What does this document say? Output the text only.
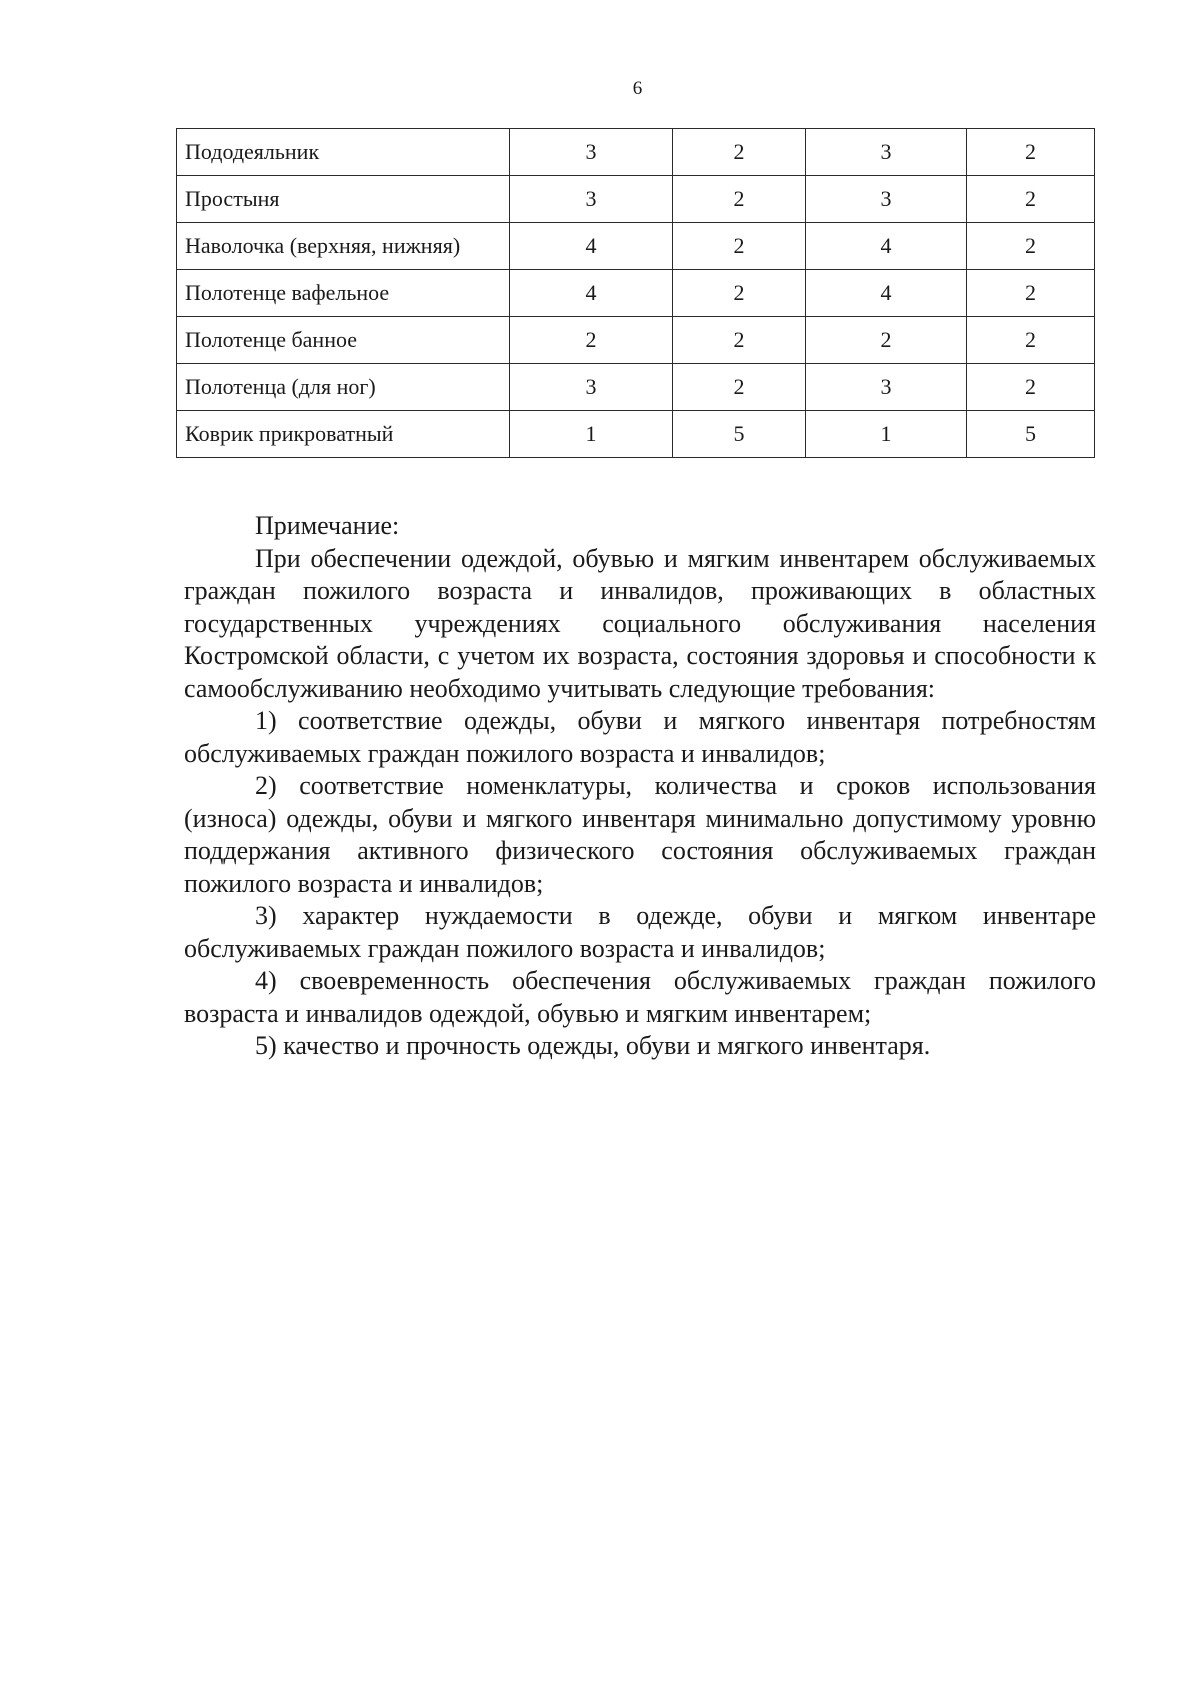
6
Пододеяльник	3	2	3	2
Простыня	3	2	3	2
Наволочка (верхняя, нижняя)	4	2	4	2
Полотенце вафельное	4	2	4	2
Полотенце банное	2	2	2	2
Полотенца (для ног)	3	2	3	2
Коврик прикроватный	1	5	1	5

Примечание:

При обеспечении одеждой, обувью и мягким инвентарем обслуживаемых граждан пожилого возраста и инвалидов, проживающих в областных государственных учреждениях социального обслуживания населения Костромской области, с учетом их возраста, состояния здоровья и способности к самообслуживанию необходимо учитывать следующие требования:

1) соответствие одежды, обуви и мягкого инвентаря потребностям обслуживаемых граждан пожилого возраста и инвалидов;

2) соответствие номенклатуры, количества и сроков использования (износа) одежды, обуви и мягкого инвентаря минимально допустимому уровню поддержания активного физического состояния обслуживаемых граждан пожилого возраста и инвалидов;

3) характер нуждаемости в одежде, обуви и мягком инвентаре обслуживаемых граждан пожилого возраста и инвалидов;

4) своевременность обеспечения обслуживаемых граждан пожилого возраста и инвалидов одеждой, обувью и мягким инвентарем;

5) качество и прочность одежды, обуви и мягкого инвентаря.
